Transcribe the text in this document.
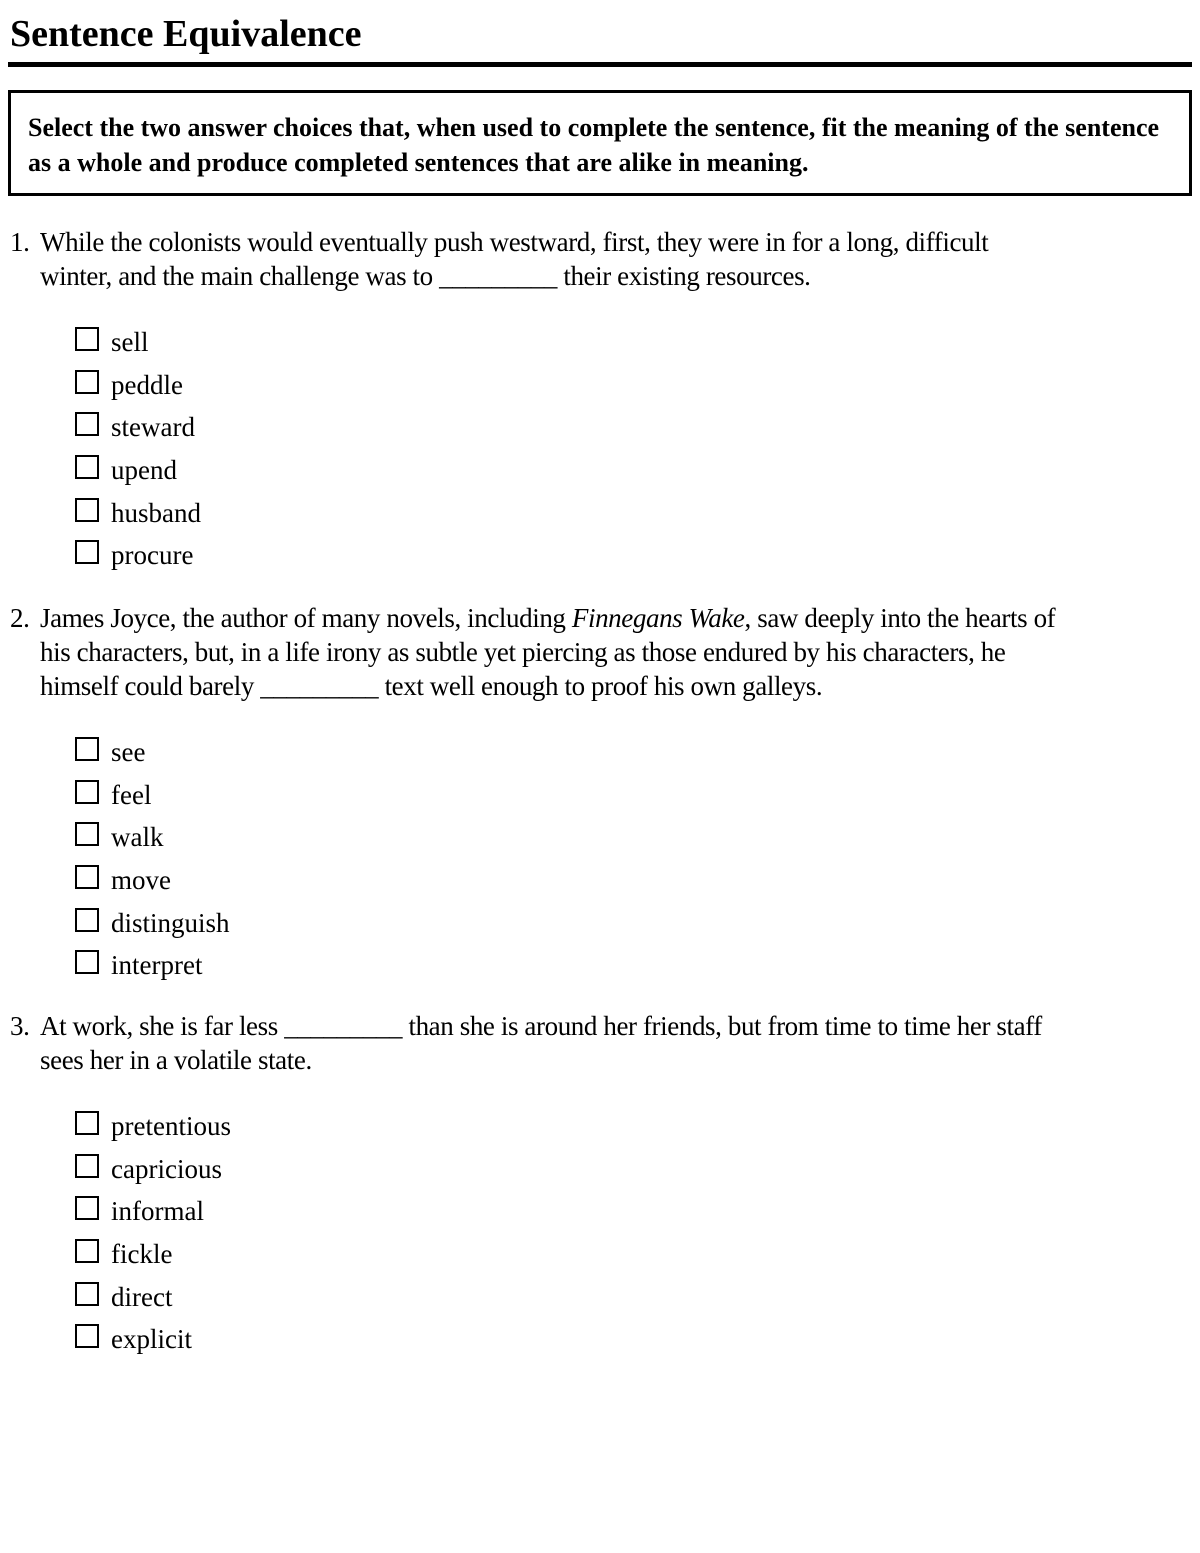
Sentence Equivalence

Select the two answer choices that, when used to complete the sentence, fit the meaning of the sentence as a whole and produce completed sentences that are alike in meaning.

1. While the colonists would eventually push westward, first, they were in for a long, difficult
winter, and the main challenge was to _________ their existing resources.

sell
peddle
steward
upend
husband
procure

2. James Joyce, the author of many novels, including Finnegans Wake, saw deeply into the hearts of
his characters, but, in a life irony as subtle yet piercing as those endured by his characters, he
himself could barely _________ text well enough to proof his own galleys.

see
feel
walk
move
distinguish
interpret

3. At work, she is far less _________ than she is around her friends, but from time to time her staff
sees her in a volatile state.

pretentious
capricious
informal
fickle
direct
explicit
